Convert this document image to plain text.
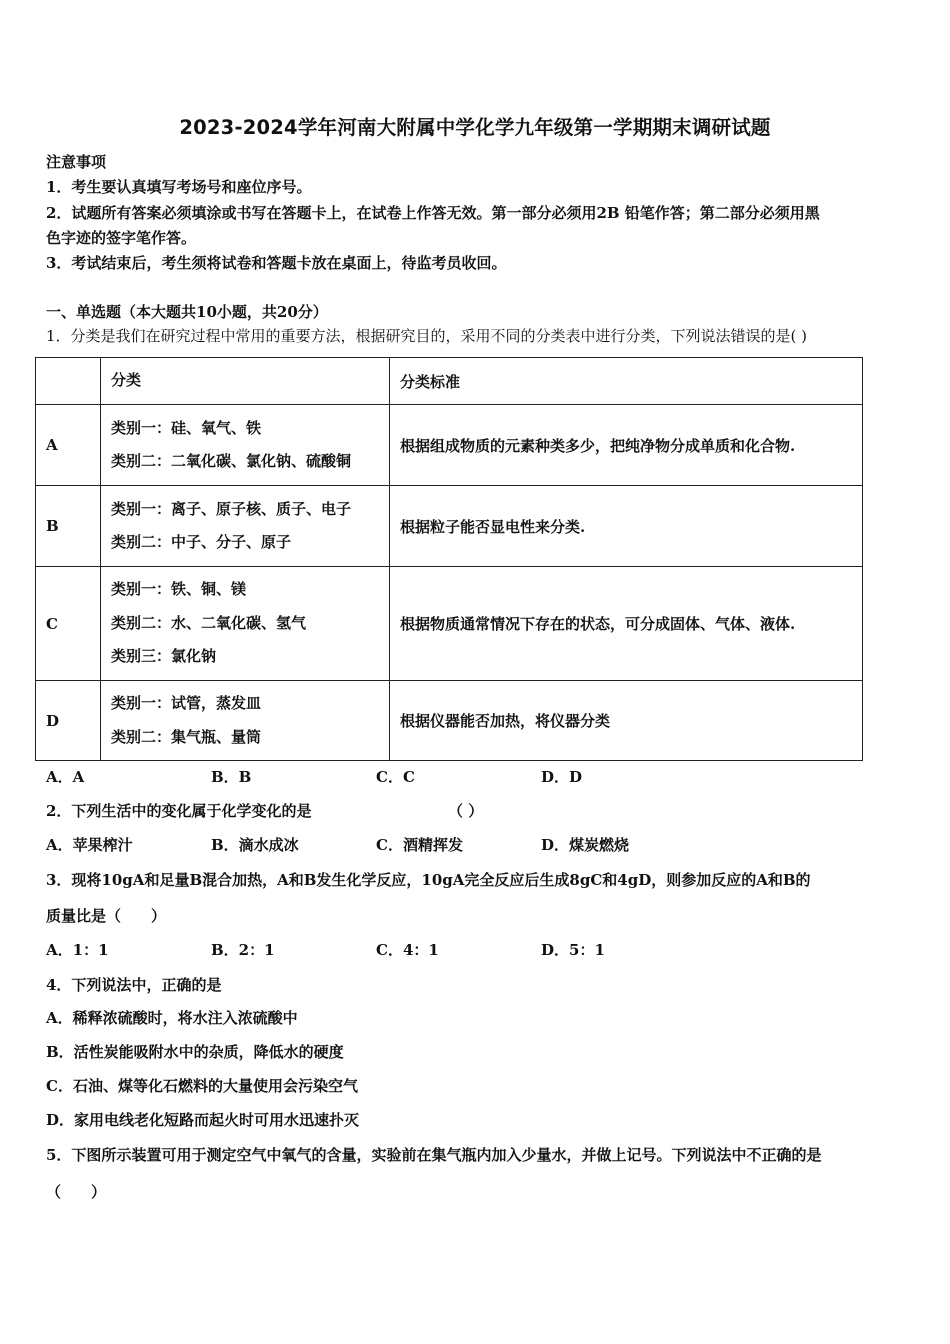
2023-2024学年河南大附属中学化学九年级第一学期期末调研试题
注意事项
1．考生要认真填写考场号和座位序号。
2．试题所有答案必须填涂或书写在答题卡上，在试卷上作答无效。第一部分必须用2B 铅笔作答；第二部分必须用黑
色字迹的签字笔作答。
3．考试结束后，考生须将试卷和答题卡放在桌面上，待监考员收回。
一、单选题（本大题共10小题，共20分）
1．分类是我们在研究过程中常用的重要方法，根据研究目的，采用不同的分类表中进行分类，下列说法错误的是( )
	分类	分类标准
A	类别一：硅、氧气、铁
类别二：二氧化碳、氯化钠、硫酸铜	根据组成物质的元素种类多少，把纯净物分成单质和化合物.
B	类别一：离子、原子核、质子、电子
类别二：中子、分子、原子	根据粒子能否显电性来分类.
C	类别一：铁、铜、镁
类别二：水、二氧化碳、氢气
类别三：氯化钠	根据物质通常情况下存在的状态，可分成固体、气体、液体.
D	类别一：试管，蒸发皿
类别二：集气瓶、量筒	根据仪器能否加热，将仪器分类
A．A	B．B	C．C	D．D
2．下列生活中的变化属于化学变化的是	（ ）
A．苹果榨汁	B．滴水成冰	C．酒精挥发	D．煤炭燃烧
3．现将10gA和足量B混合加热，A和B发生化学反应，10gA完全反应后生成8gC和4gD，则参加反应的A和B的
质量比是（　　）
A．1：1	B．2：1	C．4：1	D．5：1
4．下列说法中，正确的是
A．稀释浓硫酸时，将水注入浓硫酸中
B．活性炭能吸附水中的杂质，降低水的硬度
C．石油、煤等化石燃料的大量使用会污染空气
D．家用电线老化短路而起火时可用水迅速扑灭
5．下图所示装置可用于测定空气中氧气的含量，实验前在集气瓶内加入少量水，并做上记号。下列说法中不正确的是
（　　）
